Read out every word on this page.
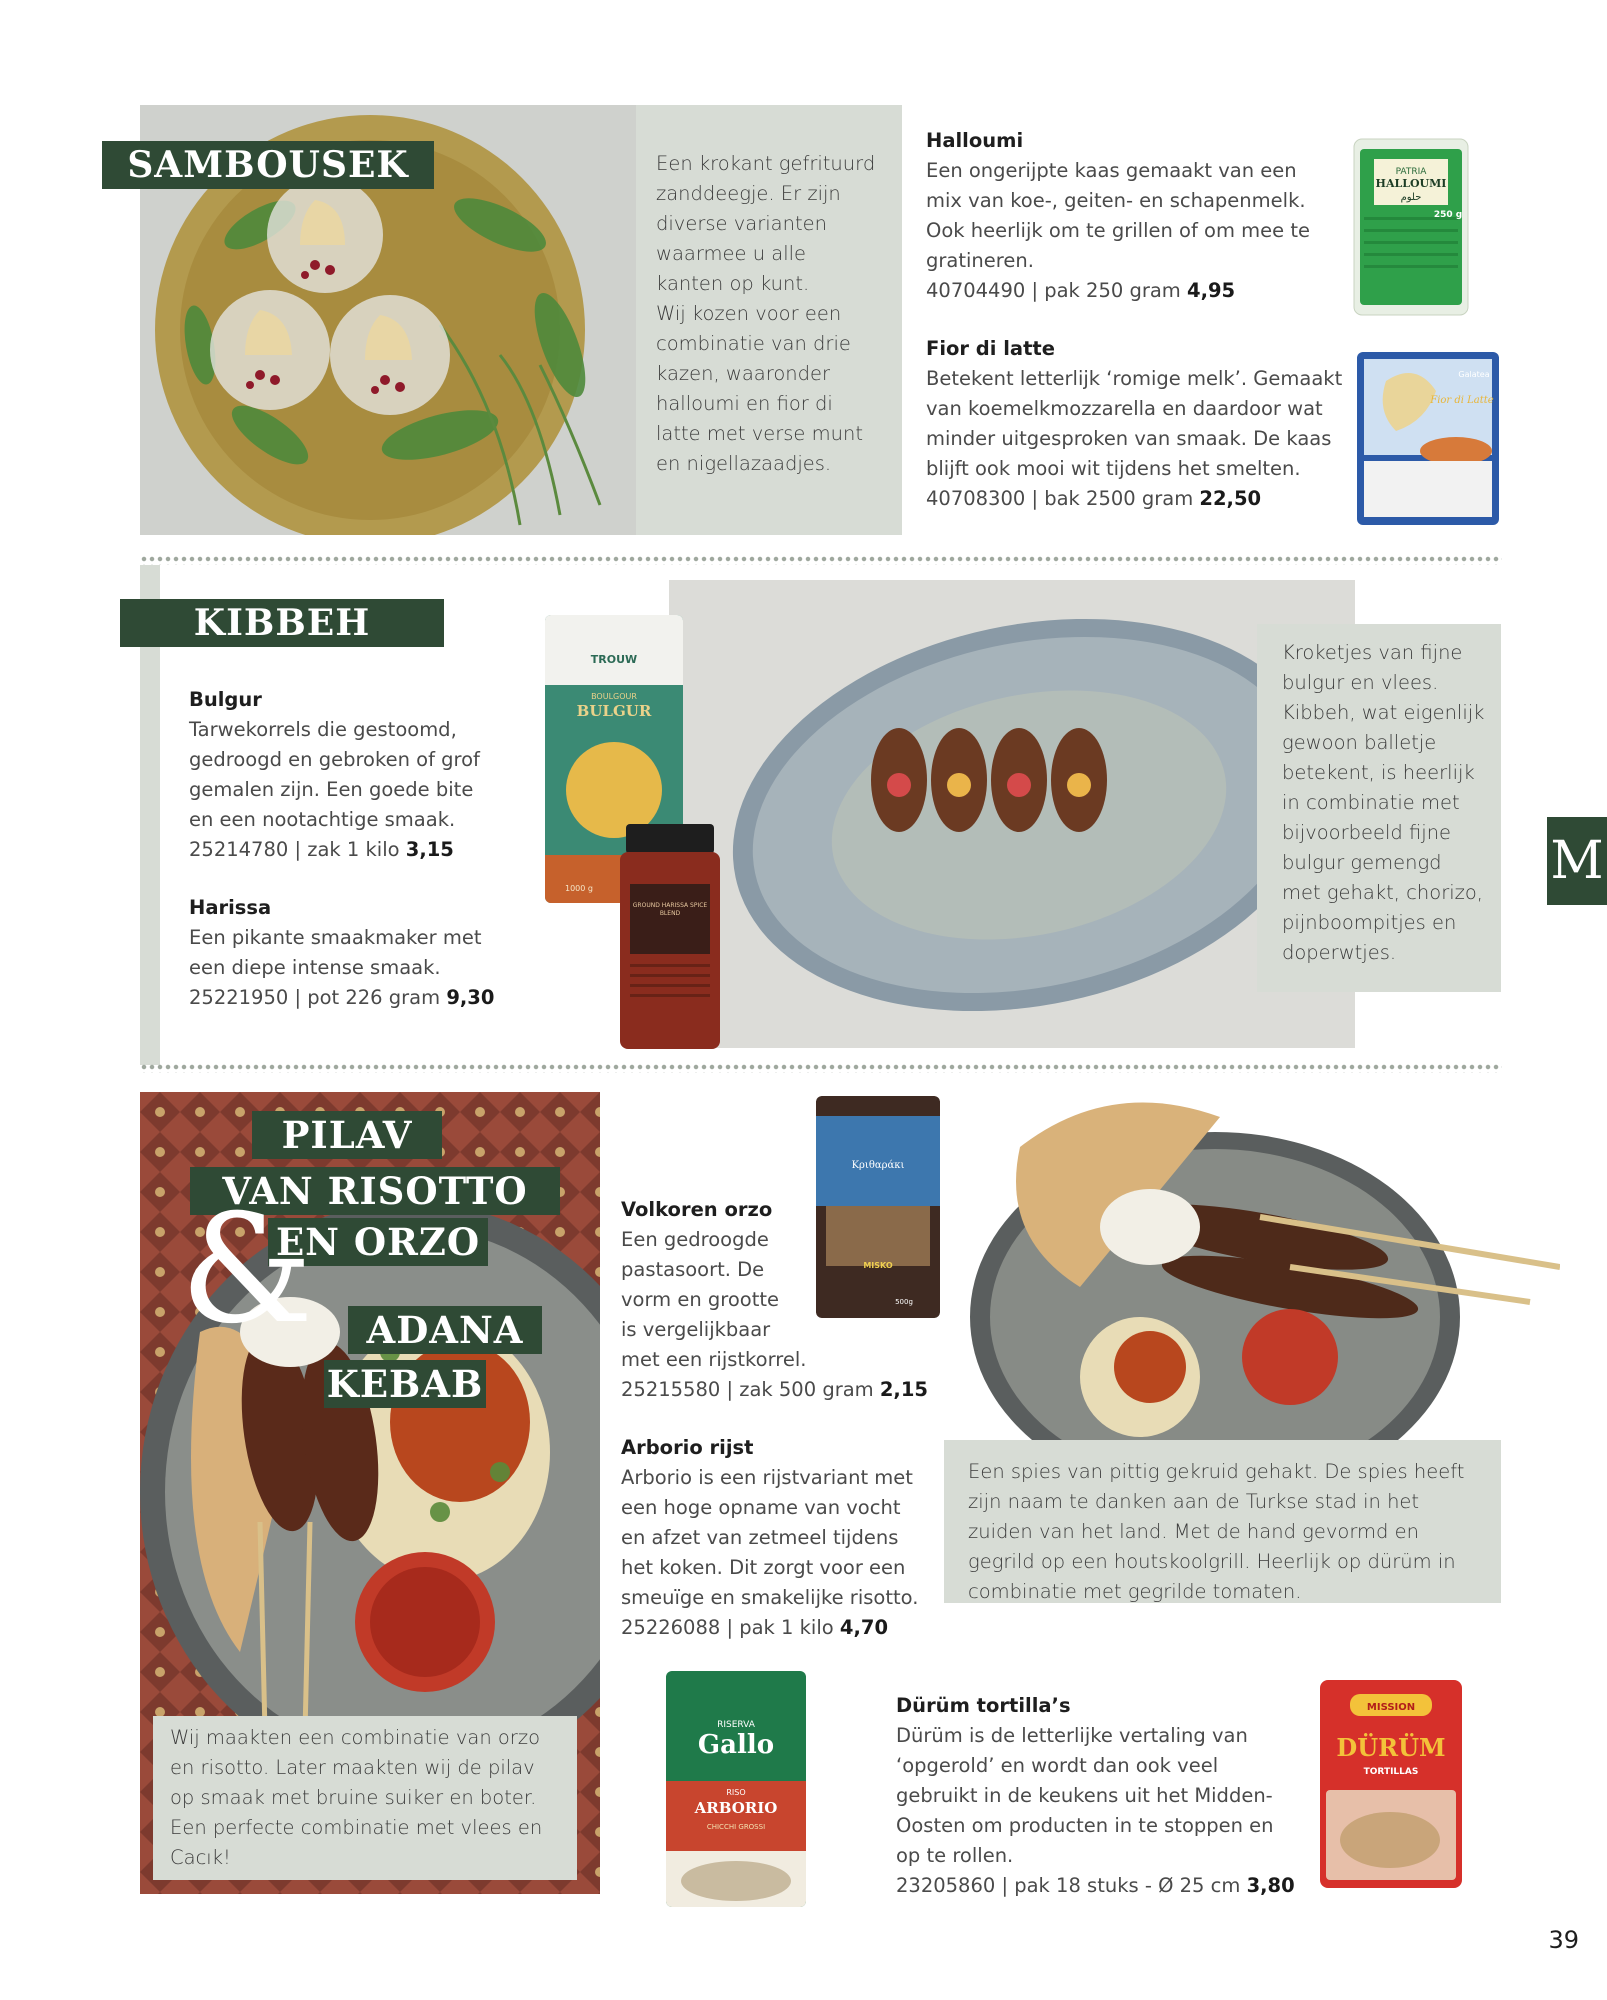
SAMBOUSEK	Een krokant gefrituurd
zanddeegje. Er zijn
diverse varianten
waarmee u alle
kanten op kunt.
Wij kozen voor een
combinatie van drie
kazen, waaronder
halloumi en fior di
latte met verse munt
en nigellazaadjes.
Halloumi
Een ongerijpte kaas gemaakt van een
mix van koe-, geiten- en schapenmelk.
Ook heerlijk om te grillen of om mee te
gratineren.
40704490 | pak 250 gram 4,95
PATRIA
HALLOUMI
حلوم
250 g
Fior di latte
Betekent letterlijk ‘romige melk’. Gemaakt
van koemelkmozzarella en daardoor wat
minder uitgesproken van smaak. De kaas
blijft ook mooi wit tijdens het smelten.
40708300 | bak 2500 gram 22,50
Galatea
Fior di Latte
KIBBEH
Bulgur
Tarwekorrels die gestoomd,
gedroogd en gebroken of grof
gemalen zijn. Een goede bite
en een nootachtige smaak.
25214780 | zak 1 kilo 3,15
Harissa
Een pikante smaakmaker met
een diepe intense smaak.
25221950 | pot 226 gram 9,30
TROUW
BOULGOUR
BULGUR
1000 g
GROUND HARISSA SPICE BLEND
Kroketjes van fijne
bulgur en vlees.
Kibbeh, wat eigenlijk
gewoon balletje
betekent, is heerlijk
in combinatie met
bijvoorbeeld fijne
bulgur gemengd
met gehakt, chorizo,
pijnboompitjes en
doperwtjes.
M
PILAV
VAN RISOTTO
EN ORZO
& ADANA
KEBAB
Wij maakten een combinatie van orzo
en risotto. Later maakten wij de pilav
op smaak met bruine suiker en boter.
Een perfecte combinatie met vlees en
Cacık!
Volkoren orzo
Een gedroogde
pastasoort. De
vorm en grootte
is vergelijkbaar
met een rijstkorrel.
25215580 | zak 500 gram 2,15
Κριθαράκι
MISKO
500g
Arborio rijst
Arborio is een rijstvariant met
een hoge opname van vocht
en afzet van zetmeel tijdens
het koken. Dit zorgt voor een
smeuïge en smakelijke risotto.
25226088 | pak 1 kilo 4,70
RISERVA
Gallo
RISO
ARBORIO
CHICCHI GROSSI
Een spies van pittig gekruid gehakt. De spies heeft
zijn naam te danken aan de Turkse stad in het
zuiden van het land. Met de hand gevormd en
gegrild op een houtskoolgrill. Heerlijk op dürüm in
combinatie met gegrilde tomaten.
Dürüm tortilla’s
Dürüm is de letterlijke vertaling van
‘opgerold’ en wordt dan ook veel
gebruikt in de keukens uit het Midden-
Oosten om producten in te stoppen en
op te rollen.
23205860 | pak 18 stuks - Ø 25 cm 3,80
MISSION
DÜRÜM
TORTILLAS
39
